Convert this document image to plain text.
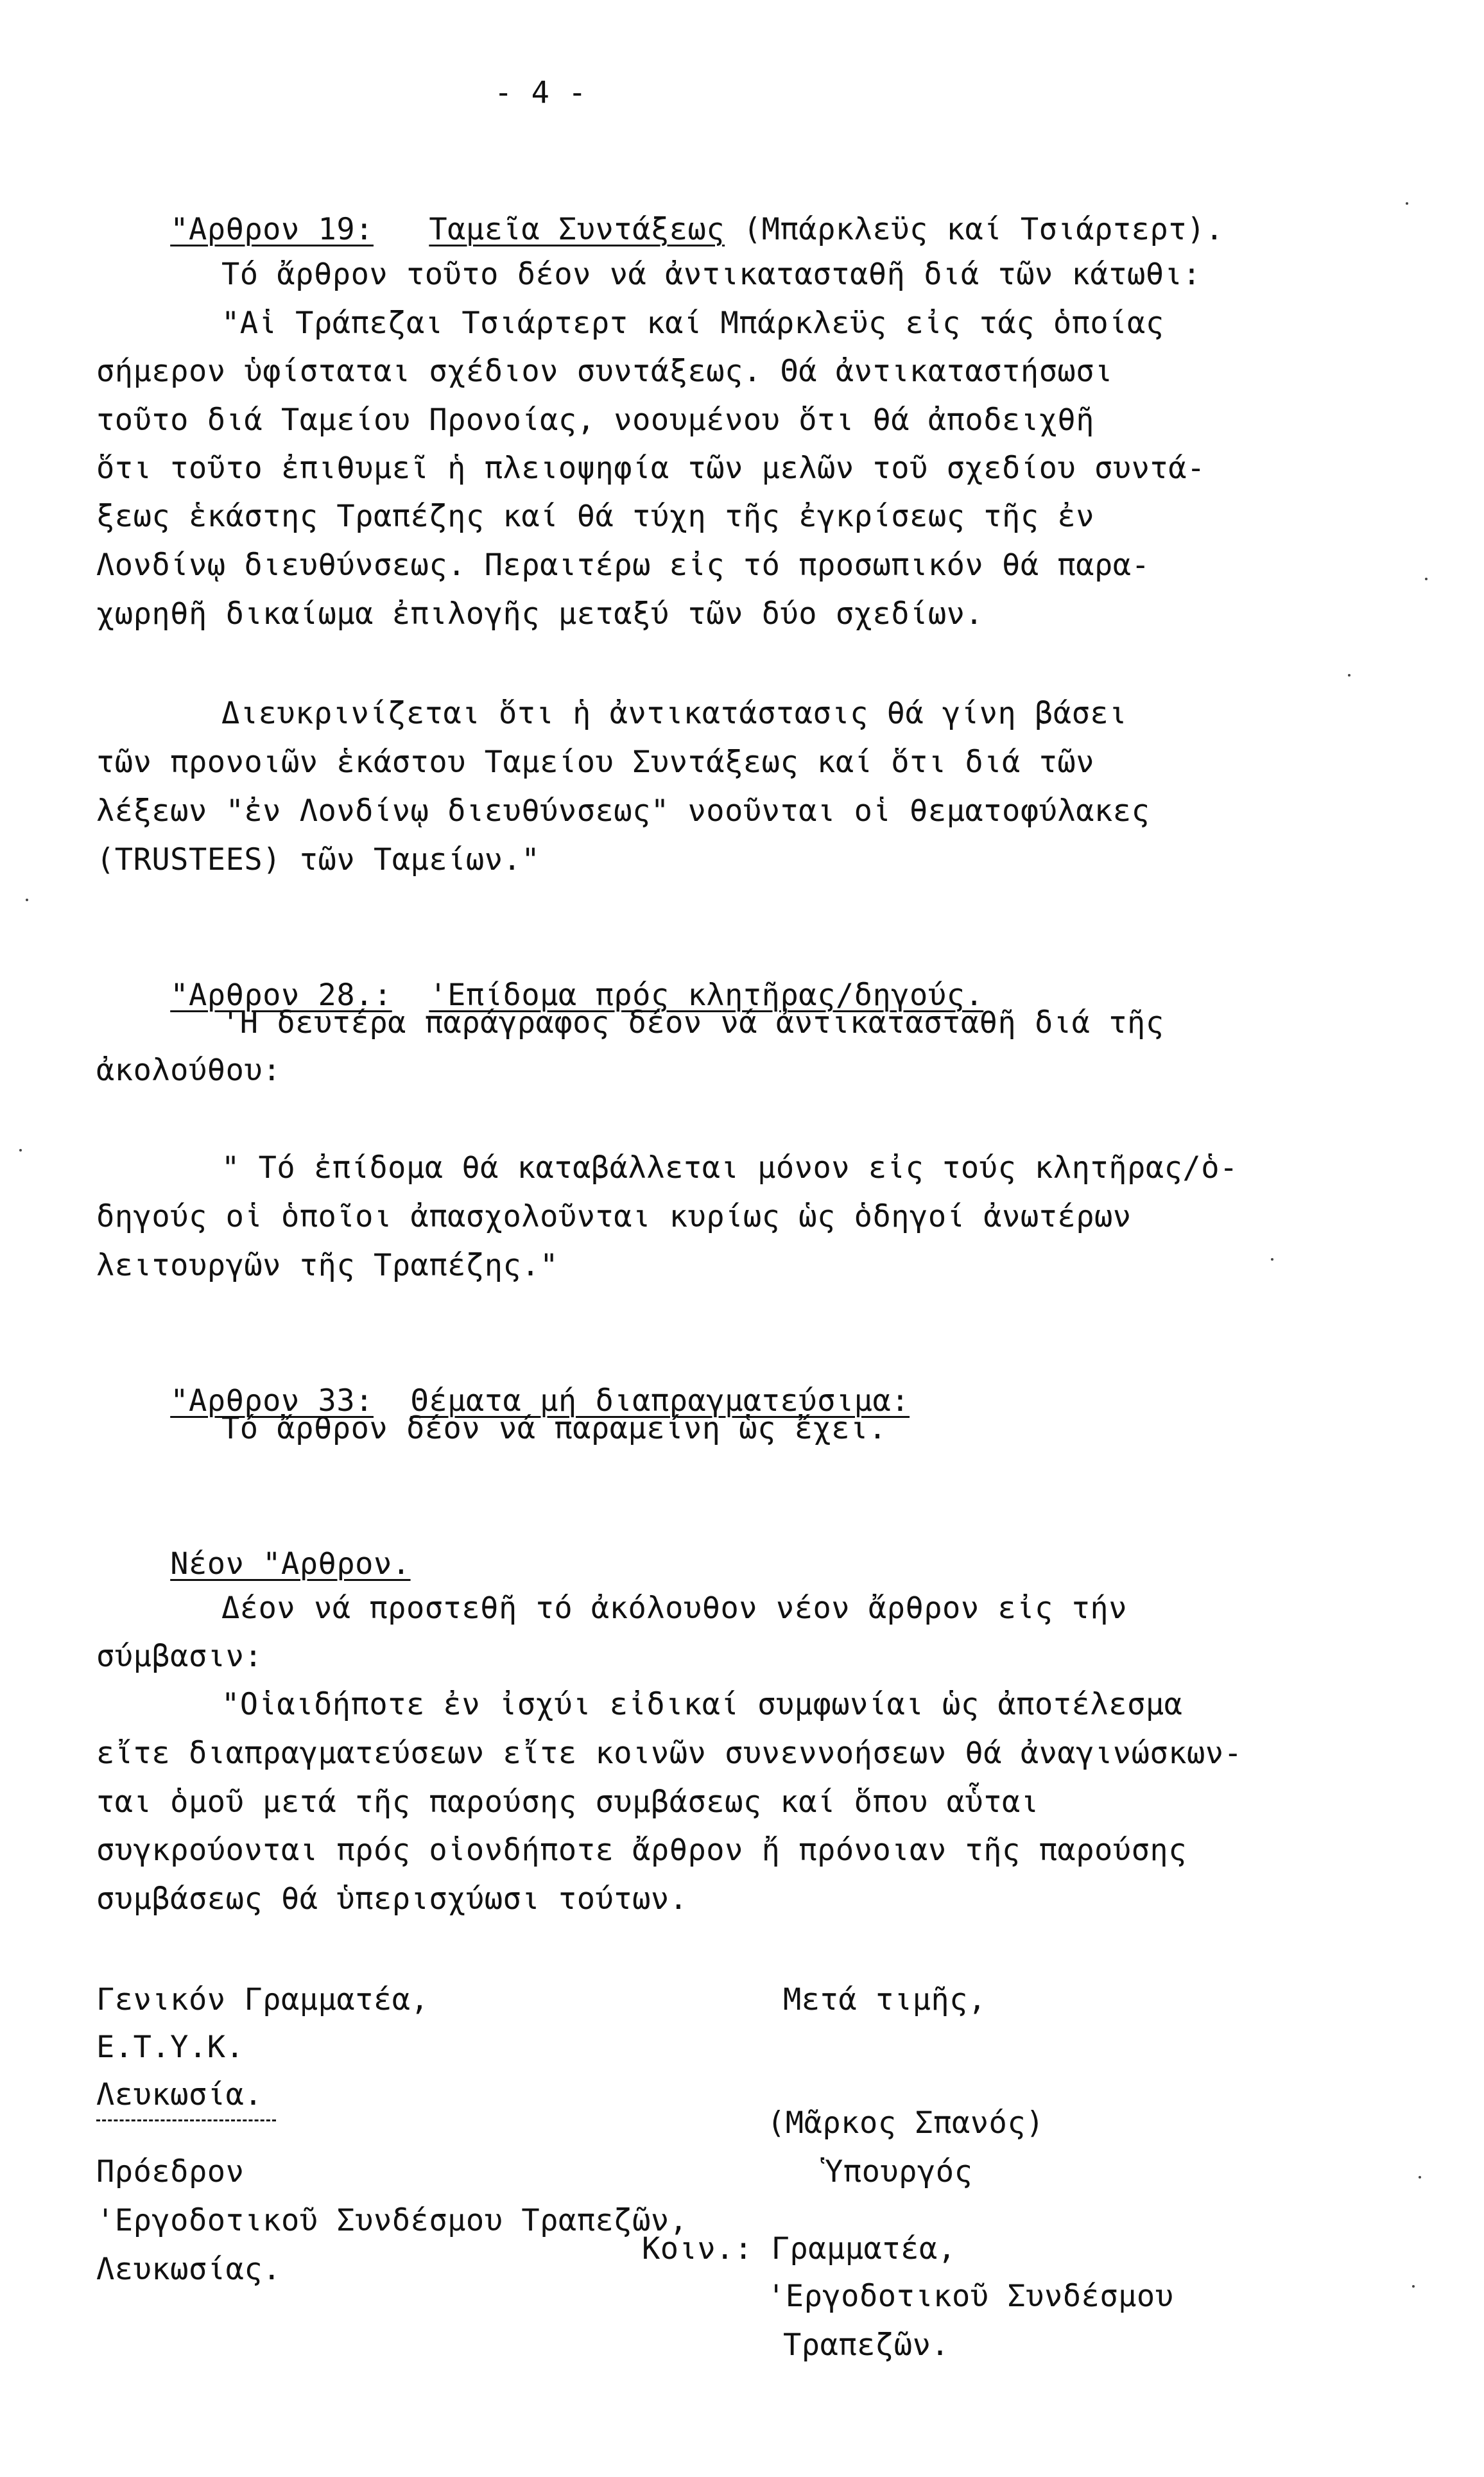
- 4 -

"Αρθρον 19: Ταμεῖα Συντάξεως (Μπάρκλεϋς καί Τσιάρτερτ).

Τό ἄρθρον τοῦτο δέον νά ἀντικατασταθῆ διά τῶν κάτωθι:
"Αἱ Τράπεζαι Τσιάρτερτ καί Μπάρκλεϋς εἰς τάς ὁποίας
σήμερον ὑφίσταται σχέδιον συντάξεως. Θά ἀντικαταστήσωσι
τοῦτο διά Ταμείου Προνοίας, νοουμένου ὅτι θά ἀποδειχθῆ
ὅτι τοῦτο ἐπιθυμεῖ ἡ πλειοψηφία τῶν μελῶν τοῦ σχεδίου συντά-
ξεως ἑκάστης Τραπέζης καί θά τύχη τῆς ἐγκρίσεως τῆς ἐν
Λονδίνῳ διευθύνσεως. Περαιτέρω εἰς τό προσωπικόν θά παρα-
χωρηθῆ δικαίωμα ἐπιλογῆς μεταξύ τῶν δύο σχεδίων.
Διευκρινίζεται ὅτι ἡ ἀντικατάστασις θά γίνη βάσει
τῶν προνοιῶν ἑκάστου Ταμείου Συντάξεως καί ὅτι διά τῶν
λέξεων "ἐν Λονδίνῳ διευθύνσεως" νοοῦνται οἱ θεματοφύλακες
(TRUSTEES) τῶν Ταμείων."

"Αρθρον 28.: 'Επίδομα πρός κλητῆρας/δηγούς.

'Η δευτέρα παράγραφος δέον νά ἀντικατασταθῆ διά τῆς
ἀκολούθου:
" Τό ἐπίδομα θά καταβάλλεται μόνον εἰς τούς κλητῆρας/ὁ-
δηγούς οἱ ὁποῖοι ἀπασχολοῦνται κυρίως ὡς ὁδηγοί ἀνωτέρων
λειτουργῶν τῆς Τραπέζης."

"Αρθρον 33: Θέματα μή διαπραγματεύσιμα:

Τό ἄρθρον δέον νά παραμείνη ὡς ἔχει.

Νέον "Αρθρον.

Δέον νά προστεθῆ τό ἀκόλουθον νέον ἄρθρον εἰς τήν
σύμβασιν:
"Οἱαιδήποτε ἐν ἰσχύι εἰδικαί συμφωνίαι ὡς ἀποτέλεσμα
εἴτε διαπραγματεύσεων εἴτε κοινῶν συνεννοήσεων θά ἀναγινώσκων-
ται ὁμοῦ μετά τῆς παρούσης συμβάσεως καί ὅπου αὗται
συγκρούονται πρός οἱονδήποτε ἄρθρον ἤ πρόνοιαν τῆς παρούσης
συμβάσεως θά ὑπερισχύωσι τούτων.
Γενικόν Γραμματέα,
Ε.Τ.Υ.Κ.
Λευκωσία.
Μετά τιμῆς,
(Μᾶρκος Σπανός)
Ὑπουργός
Πρόεδρον
'Εργοδοτικοῦ Συνδέσμου Τραπεζῶν,
Λευκωσίας.
Κοιν.: Γραμματέα,
'Εργοδοτικοῦ Συνδέσμου
Τραπεζῶν.
